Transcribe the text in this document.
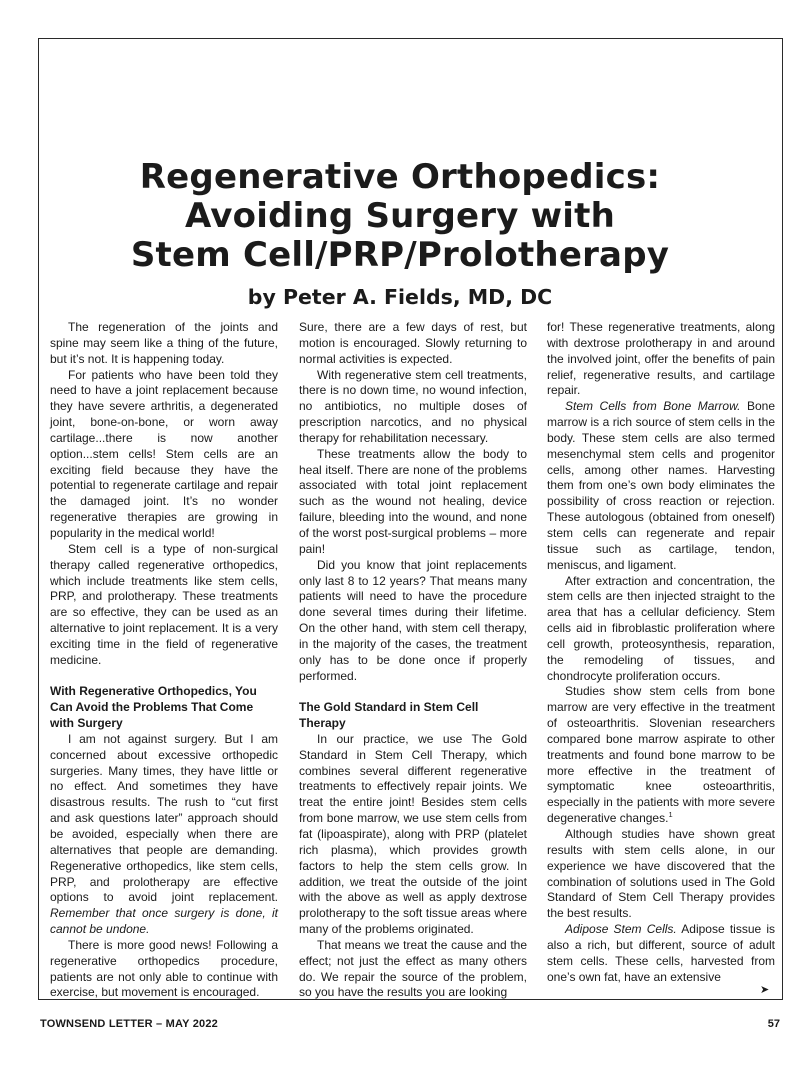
Regenerative Orthopedics:
Avoiding Surgery with
Stem Cell/PRP/Prolotherapy
by Peter A. Fields, MD, DC

The regeneration of the joints and spine may seem like a thing of the future, but it’s not. It is happening today.

For patients who have been told they need to have a joint replacement because they have severe arthritis, a degenerated joint, bone-on-bone, or worn away cartilage...there is now another option...stem cells! Stem cells are an exciting field because they have the potential to regenerate cartilage and repair the damaged joint. It’s no wonder regenerative therapies are growing in popularity in the medical world!

Stem cell is a type of non-surgical therapy called regenerative orthopedics, which include treatments like stem cells, PRP, and prolotherapy. These treatments are so effective, they can be used as an alternative to joint replacement. It is a very exciting time in the field of regenerative medicine.

With Regenerative Orthopedics, You Can Avoid the Problems That Come with Surgery

I am not against surgery. But I am concerned about excessive orthopedic surgeries. Many times, they have little or no effect. And sometimes they have disastrous results. The rush to “cut first and ask questions later” approach should be avoided, especially when there are alternatives that people are demanding. Regenerative orthopedics, like stem cells, PRP, and prolotherapy are effective options to avoid joint replacement. Remember that once surgery is done, it cannot be undone.

There is more good news! Following a regenerative orthopedics procedure, patients are not only able to continue with exercise, but movement is encouraged.

Sure, there are a few days of rest, but motion is encouraged. Slowly returning to normal activities is expected.

With regenerative stem cell treatments, there is no down time, no wound infection, no antibiotics, no multiple doses of prescription narcotics, and no physical therapy for rehabilitation necessary.

These treatments allow the body to heal itself. There are none of the problems associated with total joint replacement such as the wound not healing, device failure, bleeding into the wound, and none of the worst post-surgical problems – more pain!

Did you know that joint replacements only last 8 to 12 years? That means many patients will need to have the procedure done several times during their lifetime. On the other hand, with stem cell therapy, in the majority of the cases, the treatment only has to be done once if properly performed.

The Gold Standard in Stem Cell Therapy

In our practice, we use The Gold Standard in Stem Cell Therapy, which combines several different regenerative treatments to effectively repair joints. We treat the entire joint! Besides stem cells from bone marrow, we use stem cells from fat (lipoaspirate), along with PRP (platelet rich plasma), which provides growth factors to help the stem cells grow. In addition, we treat the outside of the joint with the above as well as apply dextrose prolotherapy to the soft tissue areas where many of the problems originated.

That means we treat the cause and the effect; not just the effect as many others do. We repair the source of the problem, so you have the results you are looking

for! These regenerative treatments, along with dextrose prolotherapy in and around the involved joint, offer the benefits of pain relief, regenerative results, and cartilage repair.

Stem Cells from Bone Marrow. Bone marrow is a rich source of stem cells in the body. These stem cells are also termed mesenchymal stem cells and progenitor cells, among other names. Harvesting them from one’s own body eliminates the possibility of cross reaction or rejection. These autologous (obtained from oneself) stem cells can regenerate and repair tissue such as cartilage, tendon, meniscus, and ligament.

After extraction and concentration, the stem cells are then injected straight to the area that has a cellular deficiency. Stem cells aid in fibroblastic proliferation where cell growth, proteosynthesis, reparation, the remodeling of tissues, and chondrocyte proliferation occurs.

Studies show stem cells from bone marrow are very effective in the treatment of osteoarthritis. Slovenian researchers compared bone marrow aspirate to other treatments and found bone marrow to be more effective in the treatment of symptomatic knee osteoarthritis, especially in the patients with more severe degenerative changes.$^1$

Although studies have shown great results with stem cells alone, in our experience we have discovered that the combination of solutions used in The Gold Standard of Stem Cell Therapy provides the best results.

Adipose Stem Cells. Adipose tissue is also a rich, but different, source of adult stem cells. These cells, harvested from one’s own fat, have an extensive

➤
TOWNSEND LETTER – MAY 2022	57
